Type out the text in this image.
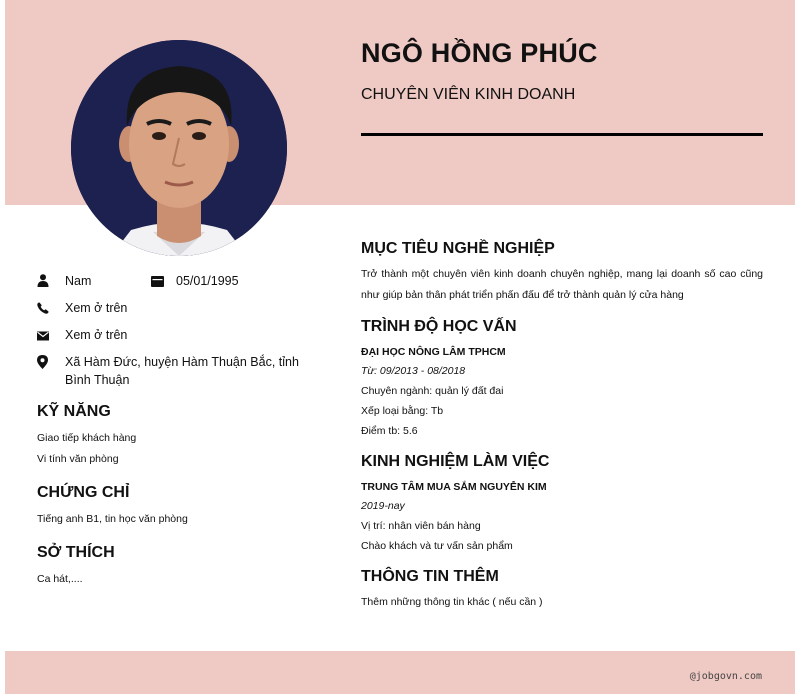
NGÔ HỒNG PHÚC
CHUYÊN VIÊN KINH DOANH
Nam	05/01/1995
Xem ở trên
Xem ở trên
Xã Hàm Đức, huyện Hàm Thuận Bắc, tỉnh Bình Thuận
KỸ NĂNG

Giao tiếp khách hàng

Vi tính văn phòng

CHỨNG CHỈ

Tiếng anh B1, tin học văn phòng

SỞ THÍCH

Ca hát,....

MỤC TIÊU NGHỀ NGHIỆP

Trở thành một chuyên viên kinh doanh chuyên nghiệp, mang lại doanh số cao cũng như giúp bản thân phát triển phấn đấu để trở thành quản lý cửa hàng

TRÌNH ĐỘ HỌC VẤN

ĐẠI HỌC NÔNG LÂM TPHCM

Từ: 09/2013 - 08/2018

Chuyên ngành: quản lý đất đai

Xếp loại bằng: Tb

Điểm tb: 5.6

KINH NGHIỆM LÀM VIỆC

TRUNG TÂM MUA SẮM NGUYỄN KIM

2019-nay

Vị trí: nhân viên bán hàng

Chào khách và tư vấn sản phẩm

THÔNG TIN THÊM

Thêm những thông tin khác ( nếu cần )

@jobgovn.com
